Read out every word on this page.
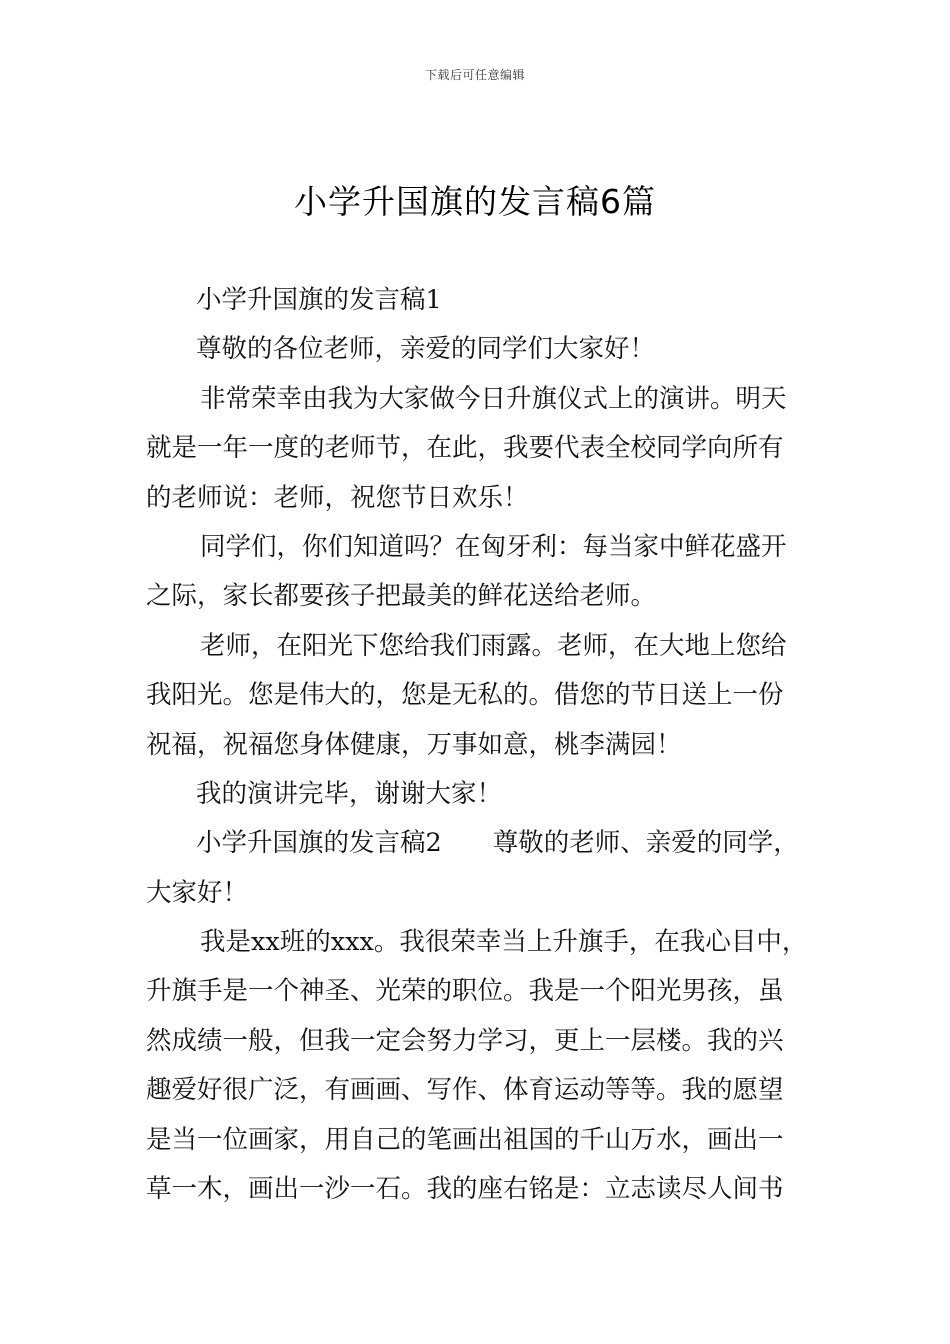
下载后可任意编辑
小学升国旗的发言稿6篇
小学升国旗的发言稿1
尊敬的各位老师，亲爱的同学们大家好！
非常荣幸由我为大家做今日升旗仪式上的演讲。明天
就是一年一度的老师节，在此，我要代表全校同学向所有
的老师说：老师，祝您节日欢乐！
同学们，你们知道吗？在匈牙利：每当家中鲜花盛开
之际，家长都要孩子把最美的鲜花送给老师。
老师，在阳光下您给我们雨露。老师，在大地上您给
我阳光。您是伟大的，您是无私的。借您的节日送上一份
祝福，祝福您身体健康，万事如意，桃李满园！
我的演讲完毕，谢谢大家！
小学升国旗的发言稿2　　尊敬的老师、亲爱的同学，
大家好！
我是xx班的xxx。我很荣幸当上升旗手，在我心目中，
升旗手是一个神圣、光荣的职位。我是一个阳光男孩，虽
然成绩一般，但我一定会努力学习，更上一层楼。我的兴
趣爱好很广泛，有画画、写作、体育运动等等。我的愿望
是当一位画家，用自己的笔画出祖国的千山万水，画出一
草一木，画出一沙一石。我的座右铭是：立志读尽人间书
